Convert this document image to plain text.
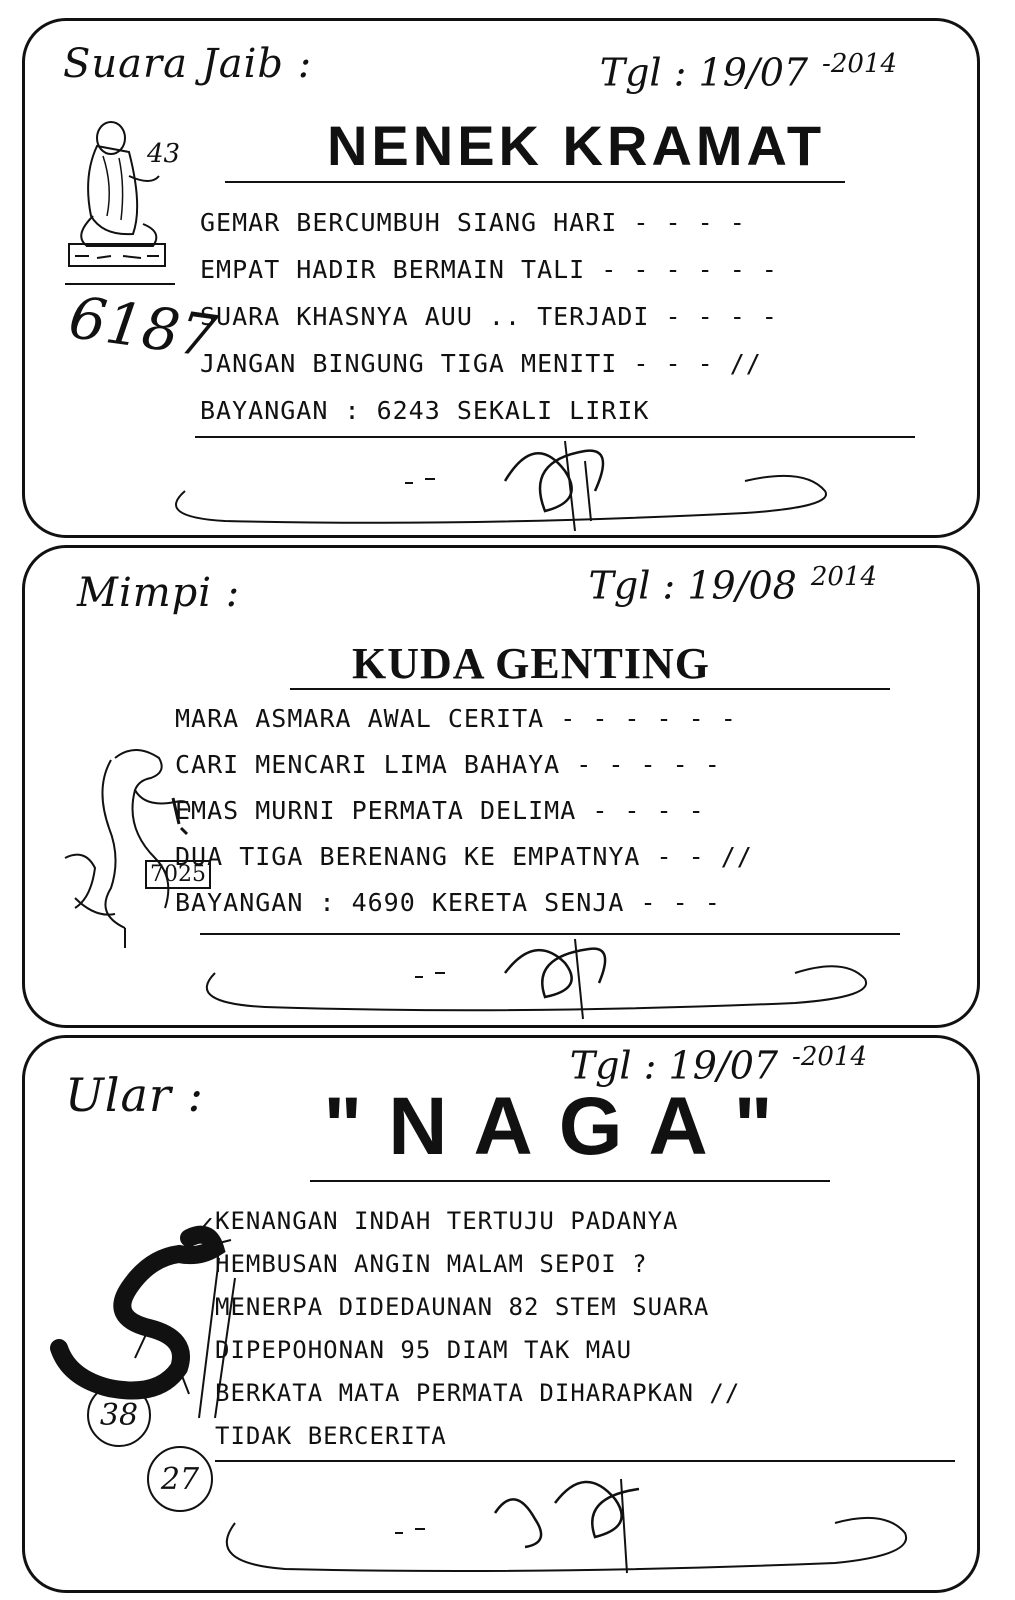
Suara Jaib :	Tgl : 19/07 $^{-2014}$
NENEK KRAMAT
43
6187
GEMAR BERCUMBUH SIANG HARI - - - -
EMPAT HADIR BERMAIN TALI - - - - - -
SUARA KHASNYA AUU .. TERJADI - - - -
JANGAN BINGUNG TIGA MENITI - - - //
BAYANGAN : 6243 SEKALI LIRIK
Mimpi :	Tgl : 19/08 $^{2014}$
KUDA GENTING
7025
MARA ASMARA AWAL CERITA - - - - - -
CARI MENCARI LIMA BAHAYA - - - - -
EMAS MURNI PERMATA DELIMA - - - -
DUA TIGA BERENANG KE EMPATNYA - - //
BAYANGAN : 4690 KERETA SENJA - - -
Ular :
Tgl : 19/07 $^{-2014}$
"NAGA"
38
27
KENANGAN INDAH TERTUJU PADANYA
HEMBUSAN ANGIN MALAM SEPOI ?
MENERPA DIDEDAUNAN 82 STEM SUARA
DIPEPOHONAN 95 DIAM TAK MAU
BERKATA MATA PERMATA DIHARAPKAN //
TIDAK BERCERITA
